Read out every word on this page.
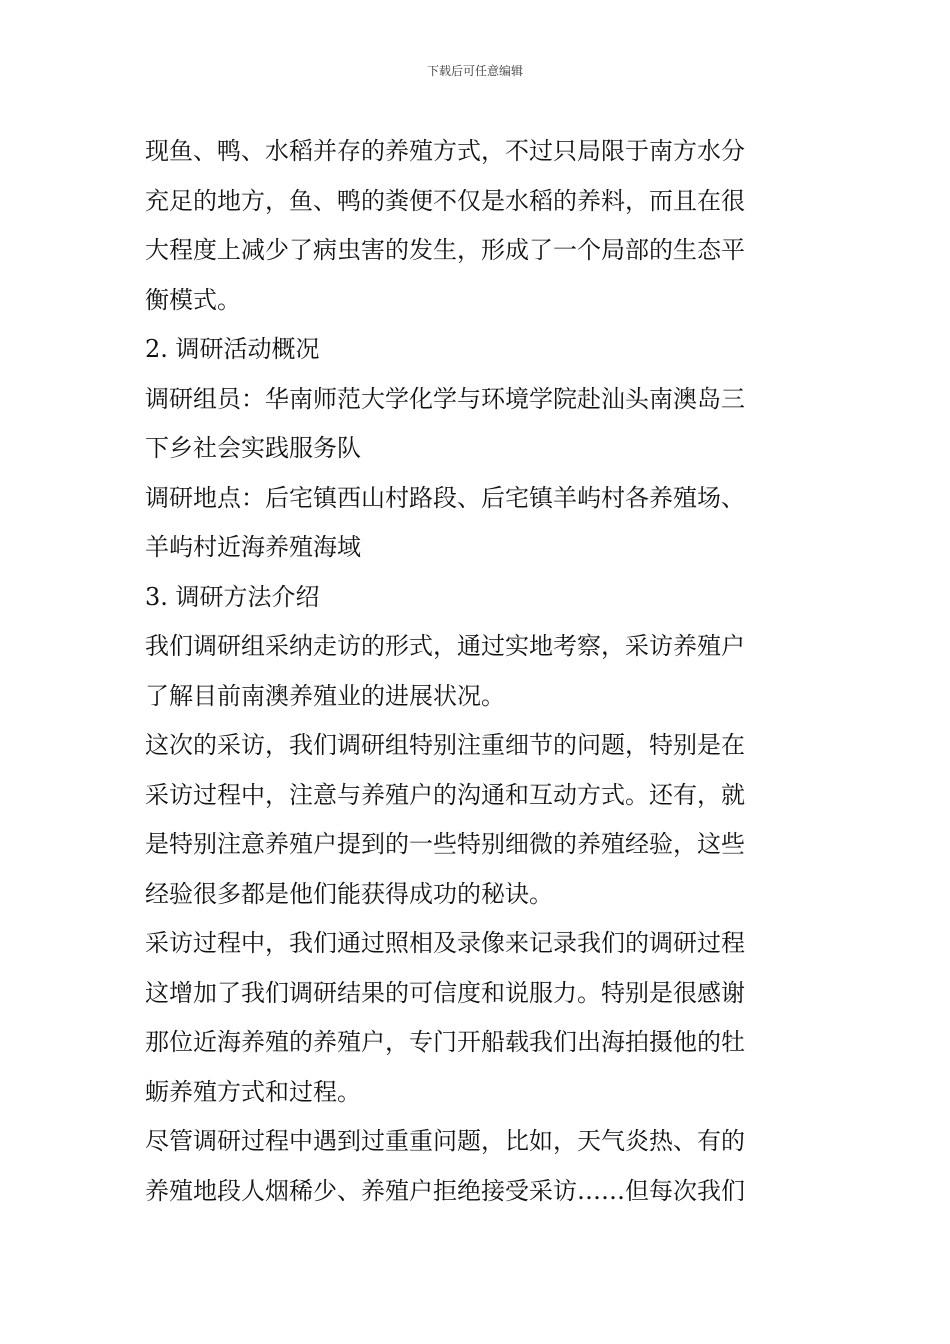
下载后可任意编辑
现鱼、鸭、水稻并存的养殖方式，不过只局限于南方水分
充足的地方，鱼、鸭的粪便不仅是水稻的养料，而且在很
大程度上减少了病虫害的发生，形成了一个局部的生态平
衡模式。
2. 调研活动概况
调研组员：华南师范大学化学与环境学院赴汕头南澳岛三
下乡社会实践服务队
调研地点：后宅镇西山村路段、后宅镇羊屿村各养殖场、
羊屿村近海养殖海域
3. 调研方法介绍
我们调研组采纳走访的形式，通过实地考察，采访养殖户
了解目前南澳养殖业的进展状况。
这次的采访，我们调研组特别注重细节的问题，特别是在
采访过程中，注意与养殖户的沟通和互动方式。还有，就
是特别注意养殖户提到的一些特别细微的养殖经验，这些
经验很多都是他们能获得成功的秘诀。
采访过程中，我们通过照相及录像来记录我们的调研过程
这增加了我们调研结果的可信度和说服力。特别是很感谢
那位近海养殖的养殖户，专门开船载我们出海拍摄他的牡
蛎养殖方式和过程。
尽管调研过程中遇到过重重问题，比如，天气炎热、有的
养殖地段人烟稀少、养殖户拒绝接受采访……但每次我们
